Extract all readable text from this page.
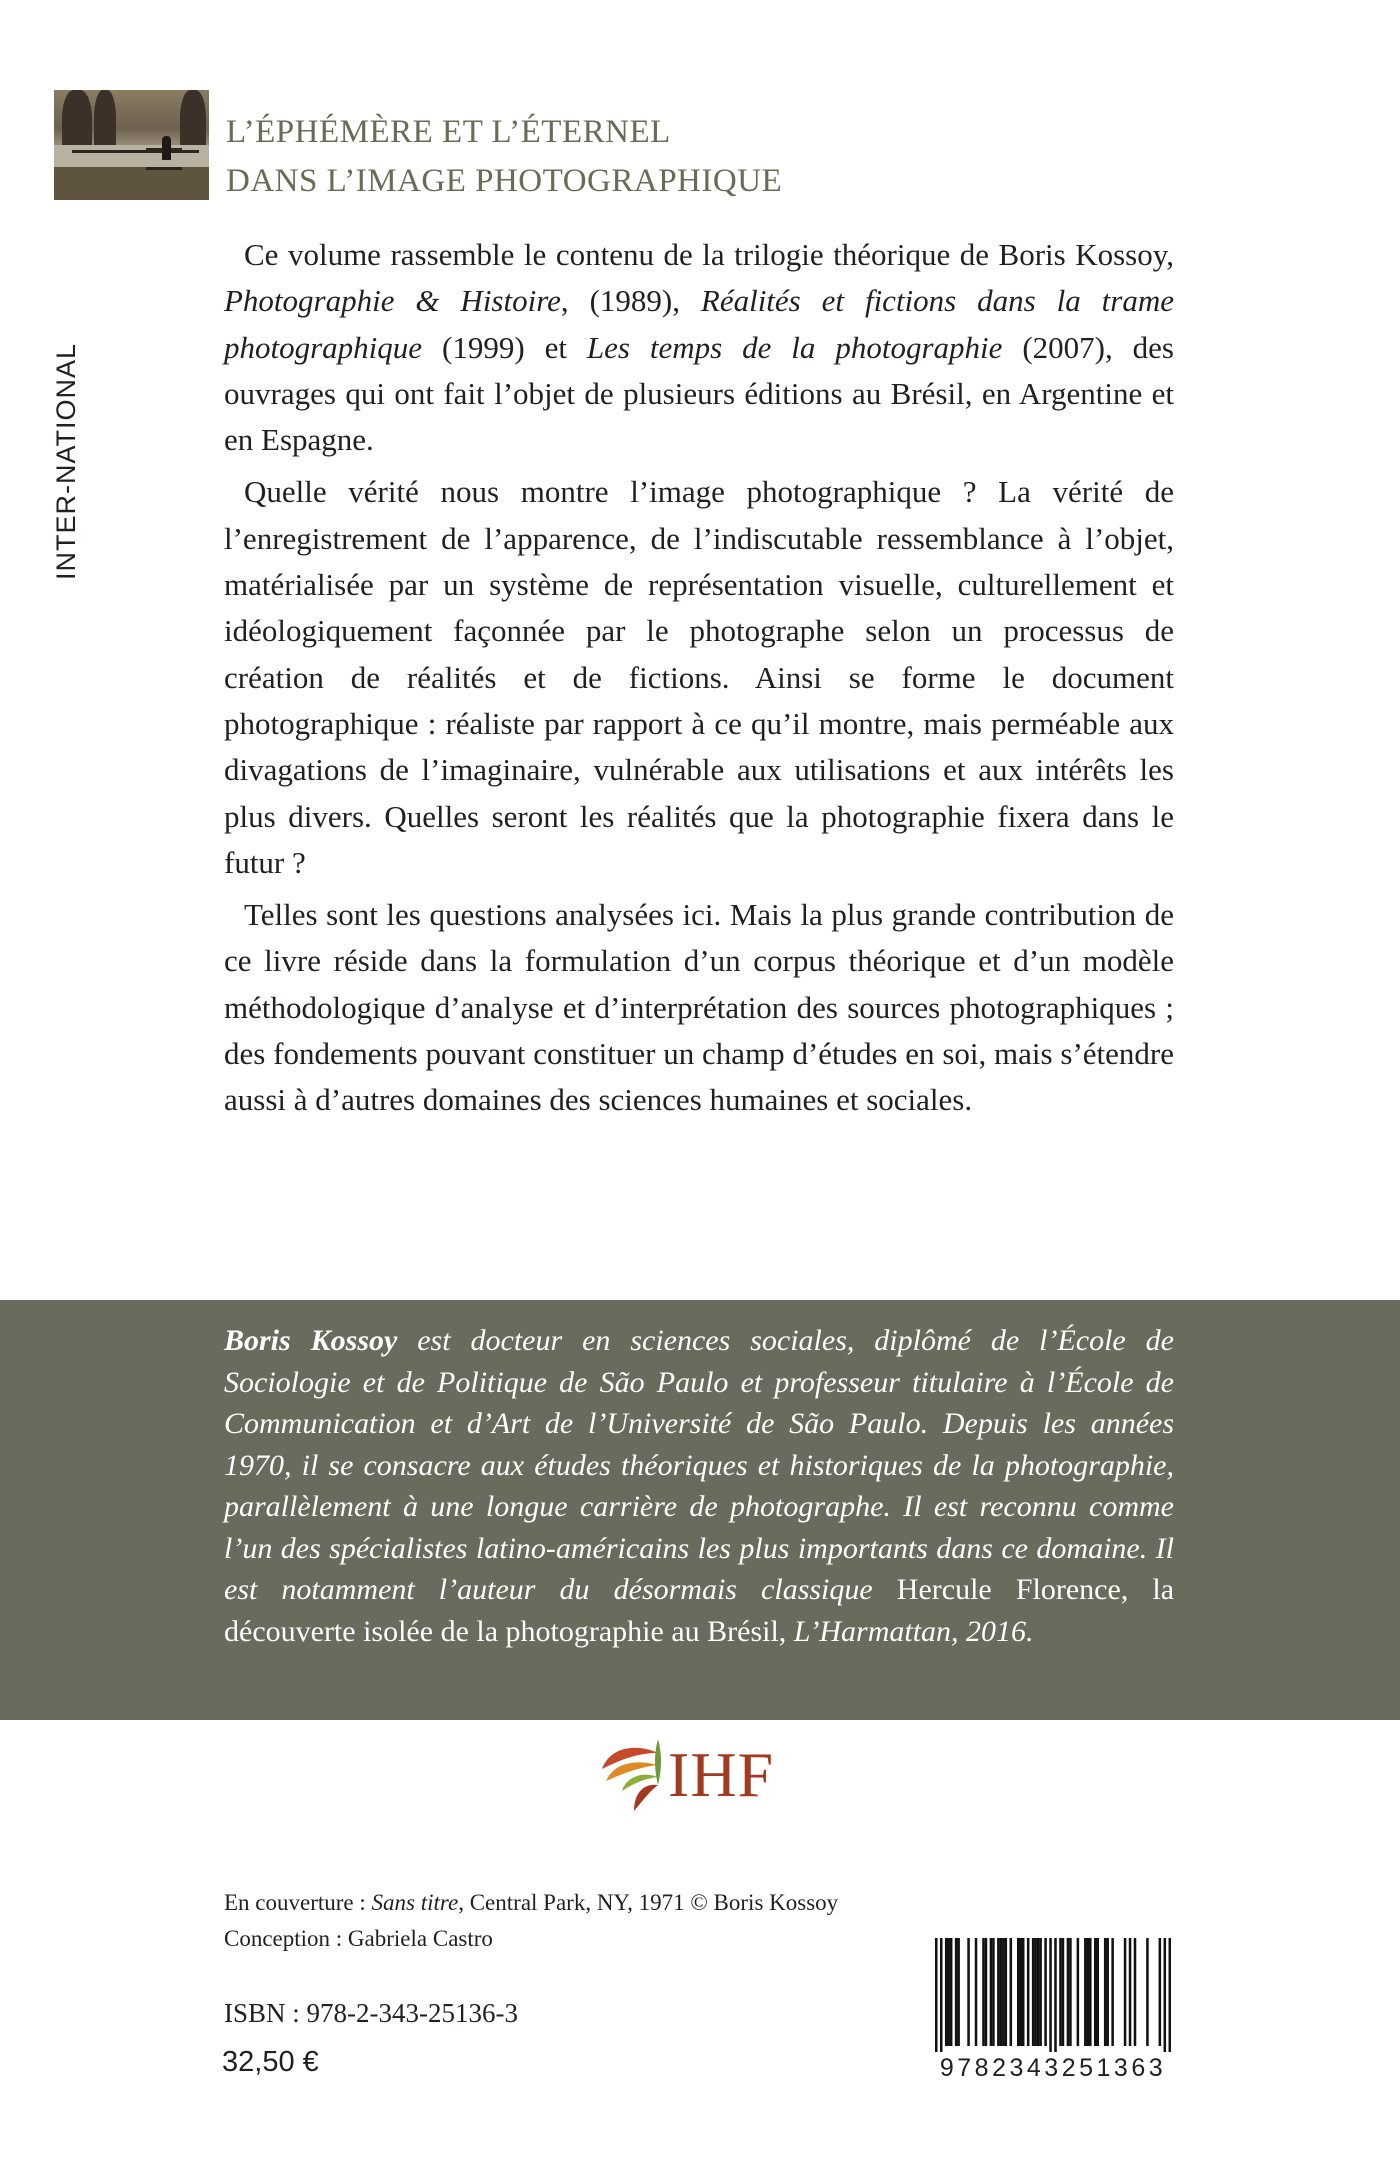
L’ÉPHÉMÈRE ET L’ÉTERNEL
DANS L’IMAGE PHOTOGRAPHIQUE
INTER-NATIONAL

Ce volume rassemble le contenu de la trilogie théorique de Boris Kossoy, Photographie & Histoire, (1989), Réalités et fictions dans la trame photographique (1999) et Les temps de la photographie (2007), des ouvrages qui ont fait l’objet de plusieurs éditions au Brésil, en Argentine et en Espagne.

Quelle vérité nous montre l’image photographique ? La vérité de l’enregistrement de l’apparence, de l’indiscutable ressemblance à l’objet, matérialisée par un système de représentation visuelle, culturellement et idéologiquement façonnée par le photographe selon un processus de création de réalités et de fictions. Ainsi se forme le document photographique : réaliste par rapport à ce qu’il montre, mais perméable aux divagations de l’imaginaire, vulnérable aux utilisations et aux intérêts les plus divers. Quelles seront les réalités que la photographie fixera dans le futur ?

Telles sont les questions analysées ici. Mais la plus grande contribution de ce livre réside dans la formulation d’un corpus théorique et d’un modèle méthodologique d’analyse et d’interprétation des sources photographiques ; des fondements pouvant constituer un champ d’études en soi, mais s’étendre aussi à d’autres domaines des sciences humaines et sociales.

Boris Kossoy est docteur en sciences sociales, diplômé de l’École de Sociologie et de Politique de São Paulo et professeur titulaire à l’École de Communication et d’Art de l’Université de São Paulo. Depuis les années 1970, il se consacre aux études théoriques et historiques de la photographie, parallèlement à une longue carrière de photographe. Il est reconnu comme l’un des spécialistes latino-américains les plus importants dans ce domaine. Il est notamment l’auteur du désormais classique Hercule Florence, la découverte isolée de la photographie au Brésil, L’Harmattan, 2016.

IHF

En couverture : Sans titre, Central Park, NY, 1971 © Boris Kossoy
Conception : Gabriela Castro

ISBN : 978-2-343-25136-3

32,50 €	9782343251363
